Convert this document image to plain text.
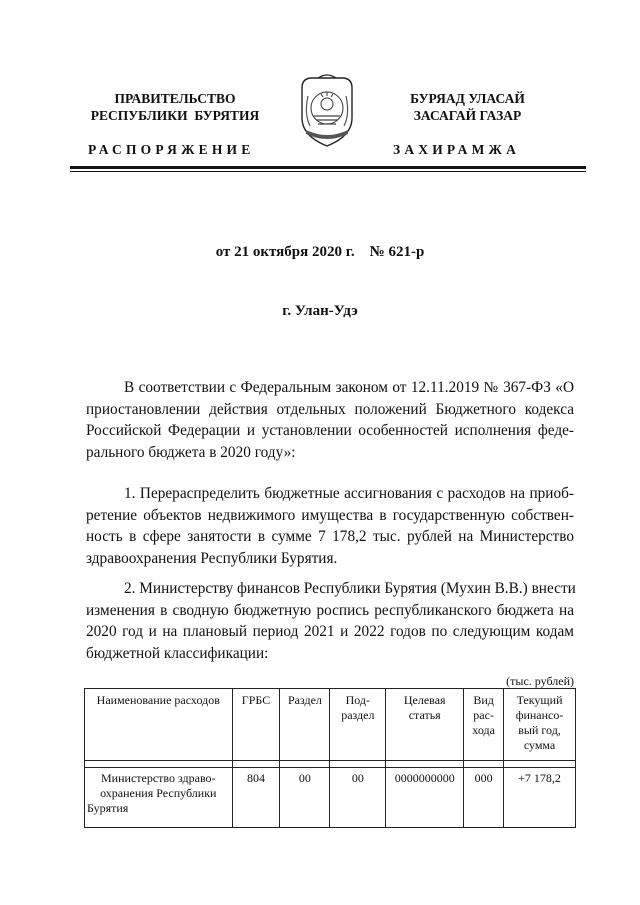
ПРАВИТЕЛЬСТВО
РЕСПУБЛИКИ  БУРЯТИЯ
БУРЯАД УЛАСАЙ
ЗАСАГАЙ ГАЗАР
РАСПОРЯЖЕНИЕ	ЗАХИРАМЖА
от 21 октября 2020 г. № 621-р
г. Улан-Удэ
В соответствии с Федеральным законом от 12.11.2019 № 367-ФЗ «О
приостановлении действия отдельных положений Бюджетного кодекса
Российской Федерации и установлении особенностей исполнения феде-
рального бюджета в 2020 году»:
1. Перераспределить бюджетные ассигнования с расходов на приоб-
ретение объектов недвижимого имущества в государственную собствен-
ность в сфере занятости в сумме 7 178,2 тыс. рублей на Министерство
здравоохранения Республики Бурятия.
2. Министерству финансов Республики Бурятия (Мухин В.В.) внести
изменения в сводную бюджетную роспись республиканского бюджета на
2020 год и на плановый период 2021 и 2022 годов по следующим кодам
бюджетной классификации:
(тыс. рублей)
Наименование расходов	ГРБС	Раздел	Под-раздел	Целевая статья	Вид рас-хода	Текущий финансо-вый год, сумма

Министерство здраво-охранения Республики Бурятия	804	00	00	0000000000	000	+7 178,2
